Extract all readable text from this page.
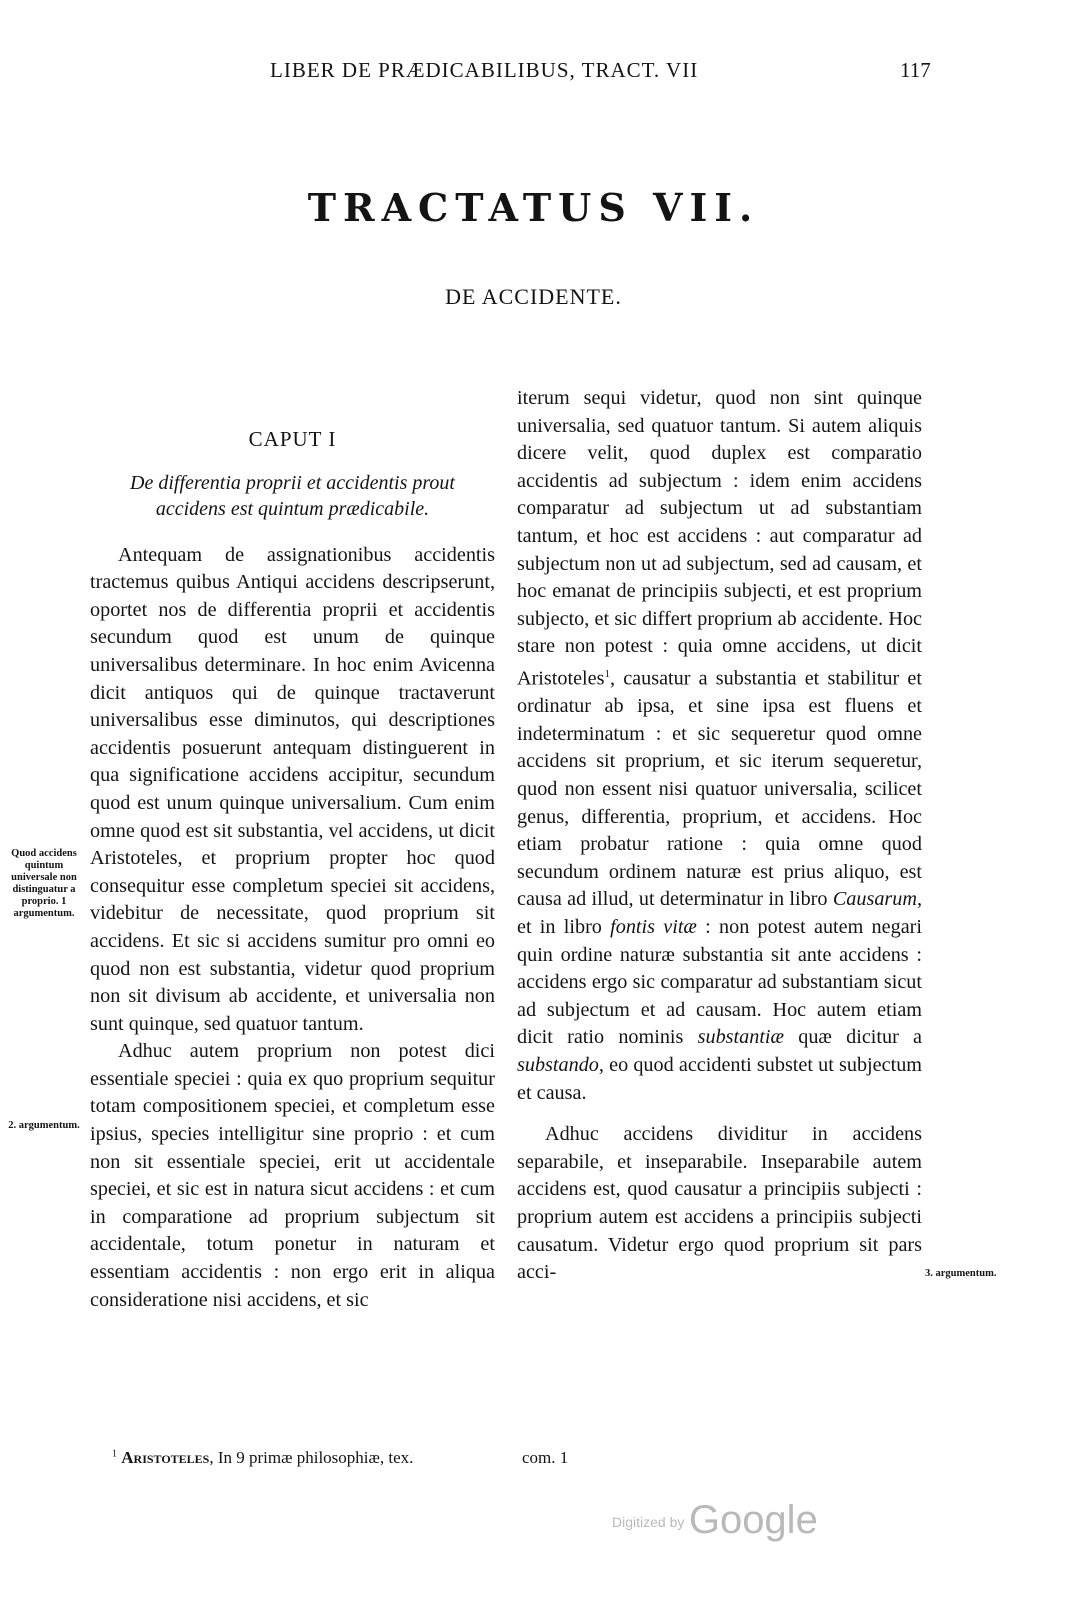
LIBER DE PRÆDICABILIBUS, TRACT. VII	117
TRACTATUS VII.
DE ACCIDENTE.
CAPUT I
De differentia proprii et accidentis prout accidens est quintum prædicabile.

Antequam de assignationibus accidentis tractemus quibus Antiqui accidens descripserunt, oportet nos de differentia proprii et accidentis secundum quod est unum de quinque universalibus determinare. In hoc enim Avicenna dicit antiquos qui de quinque tractaverunt universalibus esse diminutos, qui descriptiones accidentis posuerunt antequam distinguerent in qua significatione accidens accipitur, secundum quod est unum quinque universalium. Cum enim omne quod est sit substantia, vel accidens, ut dicit Aristoteles, et proprium propter hoc quod consequitur esse completum speciei sit accidens, videbitur de necessitate, quod proprium sit accidens. Et sic si accidens sumitur pro omni eo quod non est substantia, videtur quod proprium non sit divisum ab accidente, et universalia non sunt quinque, sed quatuor tantum.

Adhuc autem proprium non potest dici essentiale speciei : quia ex quo proprium sequitur totam compositionem speciei, et completum esse ipsius, species intelligitur sine proprio : et cum non sit essentiale speciei, erit ut accidentale speciei, et sic est in natura sicut accidens : et cum in comparatione ad proprium subjectum sit accidentale, totum ponetur in naturam et essentiam accidentis : non ergo erit in aliqua consideratione nisi accidens, et sic

iterum sequi videtur, quod non sint quinque universalia, sed quatuor tantum. Si autem aliquis dicere velit, quod duplex est comparatio accidentis ad subjectum : idem enim accidens comparatur ad subjectum ut ad substantiam tantum, et hoc est accidens : aut comparatur ad subjectum non ut ad subjectum, sed ad causam, et hoc emanat de principiis subjecti, et est proprium subjecto, et sic differt proprium ab accidente. Hoc stare non potest : quia omne accidens, ut dicit Aristoteles$^1$, causatur a substantia et stabilitur et ordinatur ab ipsa, et sine ipsa est fluens et indeterminatum : et sic sequeretur quod omne accidens sit proprium, et sic iterum sequeretur, quod non essent nisi quatuor universalia, scilicet genus, differentia, proprium, et accidens. Hoc etiam probatur ratione : quia omne quod secundum ordinem naturæ est prius aliquo, est causa ad illud, ut determinatur in libro Causarum, et in libro fontis vitæ : non potest autem negari quin ordine naturæ substantia sit ante accidens : accidens ergo sic comparatur ad substantiam sicut ad subjectum et ad causam. Hoc autem etiam dicit ratio nominis substantiæ quæ dicitur a substando, eo quod accidenti substet ut subjectum et causa.

Adhuc accidens dividitur in accidens separabile, et inseparabile. Inseparabile autem accidens est, quod causatur a principiis subjecti : proprium autem est accidens a principiis subjecti causatum. Videtur ergo quod proprium sit pars acci-

Quod accidens quintum universale non distinguatur a proprio. 1 argumentum.
2. argumentum.
3. argumentum.
$^1$ Aristoteles, In 9 primæ philosophiæ, tex.	com. 1
Digitized by Google
